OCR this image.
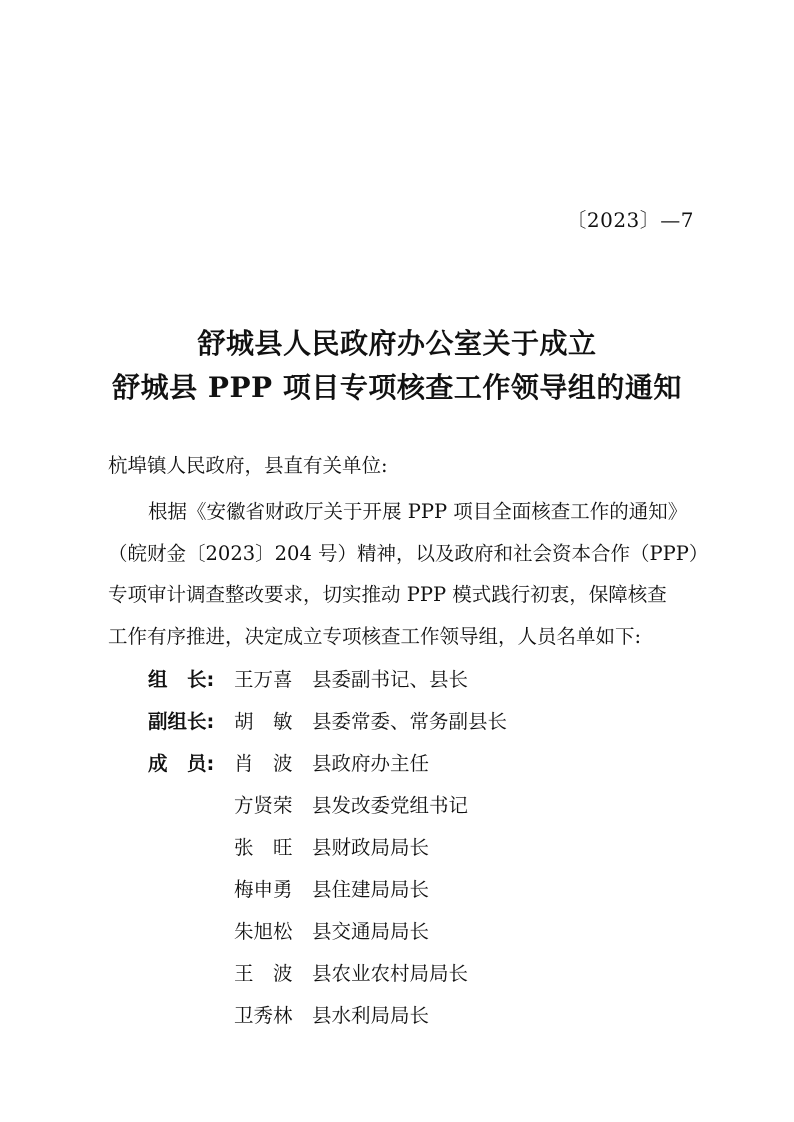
〔2023〕—7
舒城县人民政府办公室关于成立
舒城县 PPP 项目专项核查工作领导组的通知
杭埠镇人民政府，县直有关单位:
根据《安徽省财政厅关于开展 PPP 项目全面核查工作的通知》
（皖财金〔2023〕204 号）精神，以及政府和社会资本合作（PPP）
专项审计调查整改要求，切实推动 PPP 模式践行初衷，保障核查
工作有序推进，决定成立专项核查工作领导组，人员名单如下:
组　长: 王万喜 县委副书记、县长
副组长: 胡　敏 县委常委、常务副县长
成　员: 肖　波 县政府办主任
方贤荣 县发改委党组书记
张　旺 县财政局局长
梅申勇 县住建局局长
朱旭松 县交通局局长
王　波 县农业农村局局长
卫秀林 县水利局局长
